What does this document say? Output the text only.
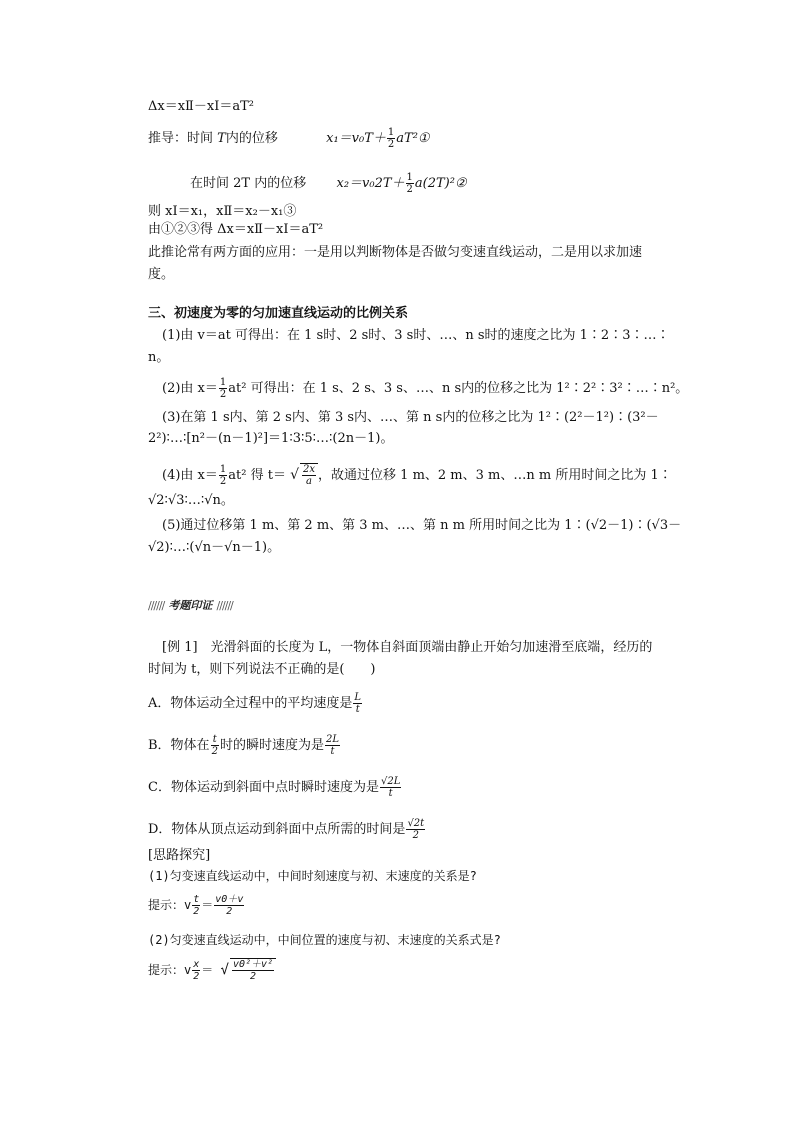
Δx＝xⅡ－xⅠ＝aT²
推导：时间 T内的位移	$x_1=v_0T+ \frac{1}{2}$ aT²①
在时间 2T 内的位移 $x_2=v_02T+ \frac{1}{2}$ a(2T)²②
则 xⅠ＝x₁，xⅡ＝x₂－x₁③
由①②③得 Δx＝xⅡ－xⅠ＝aT²
此推论常有两方面的应用：一是用以判断物体是否做匀变速直线运动，二是用以求加速
度。
三、初速度为零的匀加速直线运动的比例关系
(1)由 v＝at 可得出：在 1 s时、2 s时、3 s时、…、n s时的速度之比为 1∶2∶3∶…∶
n。
(2)由 $x= \frac{1}{2} at^2$ 可得出：在 1 s、2 s、3 s、…、n s内的位移之比为 1²∶2²∶3²∶…∶n²。
(3)在第 1 s内、第 2 s内、第 3 s内、…、第 n s内的位移之比为 1²∶(2²－1²)∶(3²－
2²)∶…∶[n²－(n－1)²]＝1∶3∶5∶…∶(2n－1)。
(4)由 $x= \frac{1}{2} at^2$ 得 t＝ √ $\frac{2x}{a}$ ，故通过位移 1 m、2 m、3 m、…n m 所用时间之比为 1∶
√2∶√3∶…∶√n。
(5)通过位移第 1 m、第 2 m、第 3 m、…、第 n m 所用时间之比为 1∶(√2－1)∶(√3－
√2)∶…∶(√n－√n－1)。
////// 考题印证 //////
[例 1]　光滑斜面的长度为 L，一物体自斜面顶端由静止开始匀加速滑至底端，经历的
时间为 t，则下列说法不正确的是(　　)
A．物体运动全过程中的平均速度是 $\frac{L}{t}$
B．物体在 $\frac{t}{2}$ 时的瞬时速度为是 $\frac{2L}{t}$
C．物体运动到斜面中点时瞬时速度为是 $\frac{√2L}{t}$
D．物体从顶点运动到斜面中点所需的时间是 $\frac{√2t}{2}$
[思路探究]
(1)匀变速直线运动中，中间时刻速度与初、末速度的关系是?
提示：v $\frac{t}{2} = \frac{v0+v}{2}$
(2)匀变速直线运动中，中间位置的速度与初、末速度的关系式是?
提示：v $\frac{x}{2}$ ＝ √ $\frac{\text{v0²＋v²}}{2}$
